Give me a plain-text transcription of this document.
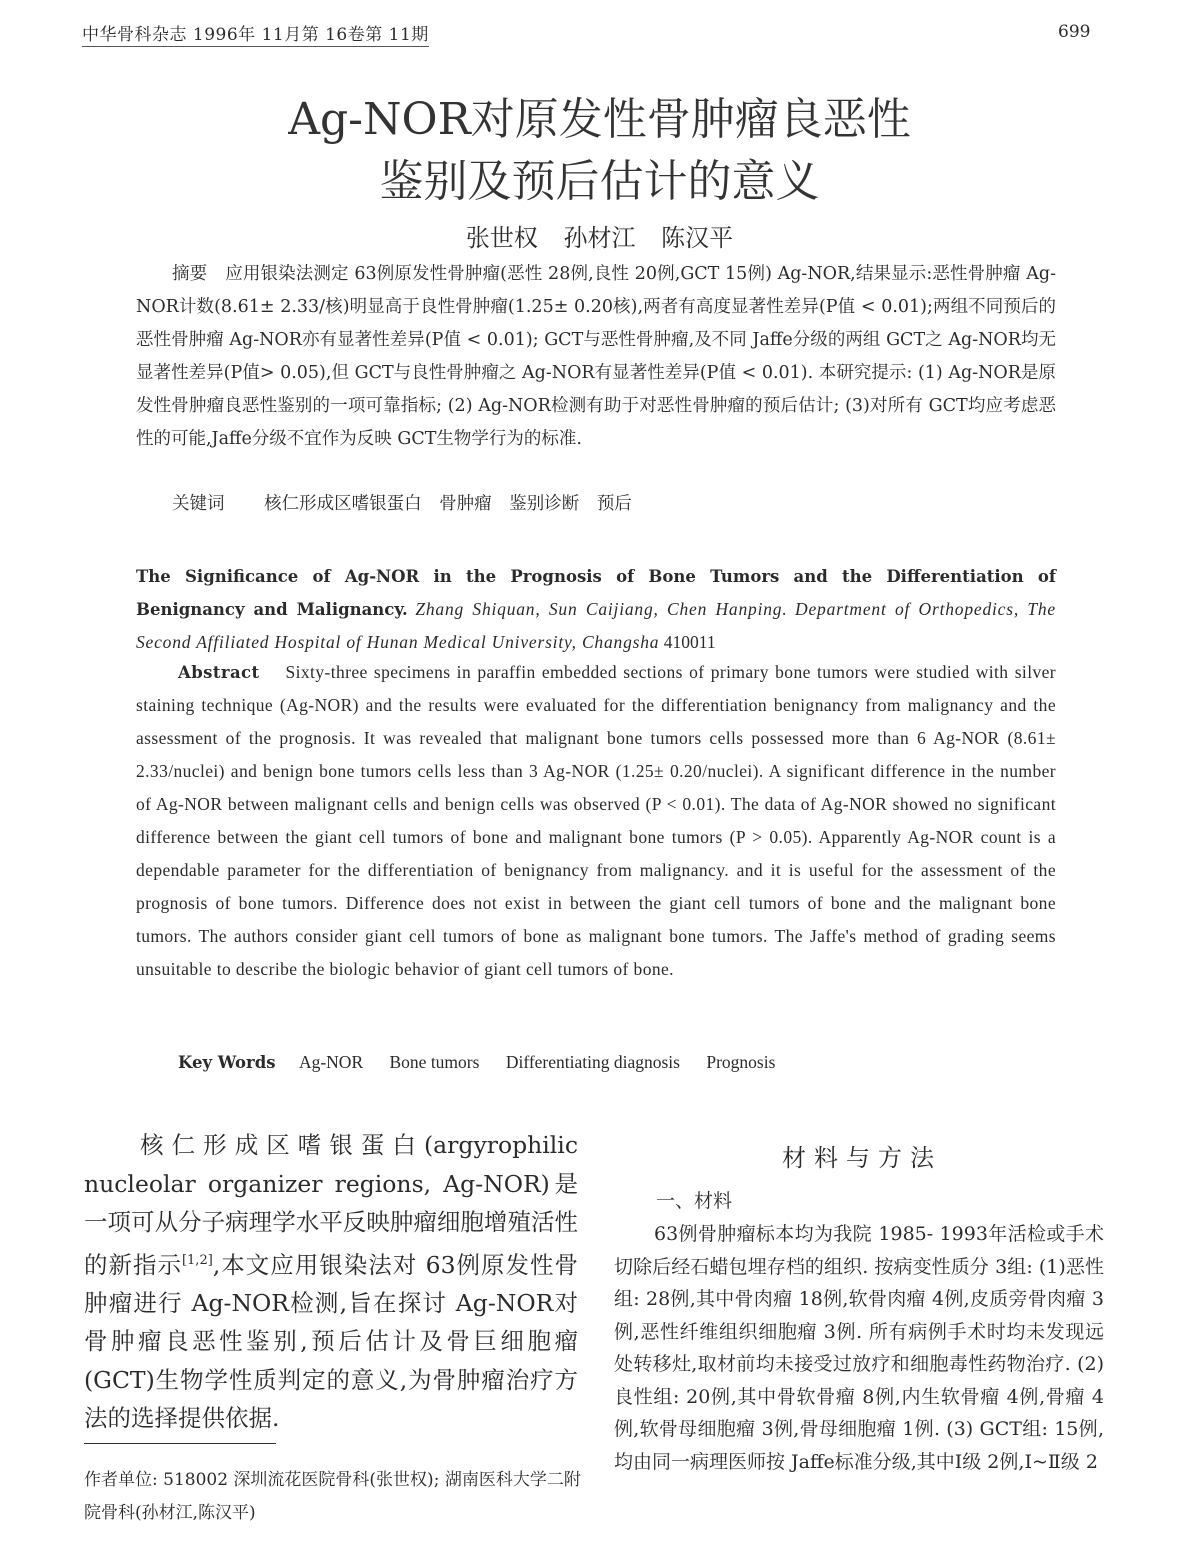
中华骨科杂志 1996年 11月第 16卷第 11期	699
Ag-NOR对原发性骨肿瘤良恶性
鉴别及预后估计的意义
张世权 孙材江 陈汉平
摘要 应用银染法测定 63例原发性骨肿瘤(恶性 28例,良性 20例,GCT 15例) Ag-NOR,结果显示:恶性骨肿瘤 Ag-NOR计数(8.61± 2.33/核)明显高于良性骨肿瘤(1.25± 0.20核),两者有高度显著性差异(P值 < 0.01);两组不同预后的恶性骨肿瘤 Ag-NOR亦有显著性差异(P值 < 0.01); GCT与恶性骨肿瘤,及不同 Jaffe分级的两组 GCT之 Ag-NOR均无显著性差异(P值> 0.05),但 GCT与良性骨肿瘤之 Ag-NOR有显著性差异(P值 < 0.01). 本研究提示: (1) Ag-NOR是原发性骨肿瘤良恶性鉴别的一项可靠指标; (2) Ag-NOR检测有助于对恶性骨肿瘤的预后估计; (3)对所有 GCT均应考虑恶性的可能,Jaffe分级不宜作为反映 GCT生物学行为的标准.
关键词 核仁形成区嗜银蛋白 骨肿瘤 鉴别诊断 预后
The Significance of Ag-NOR in the Prognosis of Bone Tumors and the Differentiation of Benignancy and Malignancy. Zhang Shiquan, Sun Caijiang, Chen Hanping. Department of Orthopedics, The Second Affiliated Hospital of Hunan Medical University, Changsha 410011
Abstract Sixty-three specimens in paraffin embedded sections of primary bone tumors were studied with silver staining technique (Ag-NOR) and the results were evaluated for the differentiation benignancy from malignancy and the assessment of the prognosis. It was revealed that malignant bone tumors cells possessed more than 6 Ag-NOR (8.61± 2.33/nuclei) and benign bone tumors cells less than 3 Ag-NOR (1.25± 0.20/nuclei). A significant difference in the number of Ag-NOR between malignant cells and benign cells was observed (P < 0.01). The data of Ag-NOR showed no significant difference between the giant cell tumors of bone and malignant bone tumors (P > 0.05). Apparently Ag-NOR count is a dependable parameter for the differentiation of benignancy from malignancy. and it is useful for the assessment of the prognosis of bone tumors. Difference does not exist in between the giant cell tumors of bone and the malignant bone tumors. The authors consider giant cell tumors of bone as malignant bone tumors. The Jaffe's method of grading seems unsuitable to describe the biologic behavior of giant cell tumors of bone.
Key Words Ag-NOR Bone tumors Differentiating diagnosis Prognosis
核仁形成区嗜银蛋白(argyrophilic nucleolar organizer regions, Ag-NOR)是一项可从分子病理学水平反映肿瘤细胞增殖活性的新指示[1,2],本文应用银染法对 63例原发性骨肿瘤进行 Ag-NOR检测,旨在探讨 Ag-NOR对骨肿瘤良恶性鉴别,预后估计及骨巨细胞瘤(GCT)生物学性质判定的意义,为骨肿瘤治疗方法的选择提供依据.
作者单位: 518002 深圳流花医院骨科(张世权); 湖南医科大学二附院骨科(孙材江,陈汉平)
材料与方法
一、材料
63例骨肿瘤标本均为我院 1985- 1993年活检或手术切除后经石蜡包埋存档的组织. 按病变性质分 3组: (1)恶性组: 28例,其中骨肉瘤 18例,软骨肉瘤 4例,皮质旁骨肉瘤 3例,恶性纤维组织细胞瘤 3例. 所有病例手术时均未发现远处转移灶,取材前均未接受过放疗和细胞毒性药物治疗. (2)良性组: 20例,其中骨软骨瘤 8例,内生软骨瘤 4例,骨瘤 4例,软骨母细胞瘤 3例,骨母细胞瘤 1例. (3) GCT组: 15例,均由同一病理医师按 Jaffe标准分级,其中Ⅰ级 2例,Ⅰ~Ⅱ级 2
